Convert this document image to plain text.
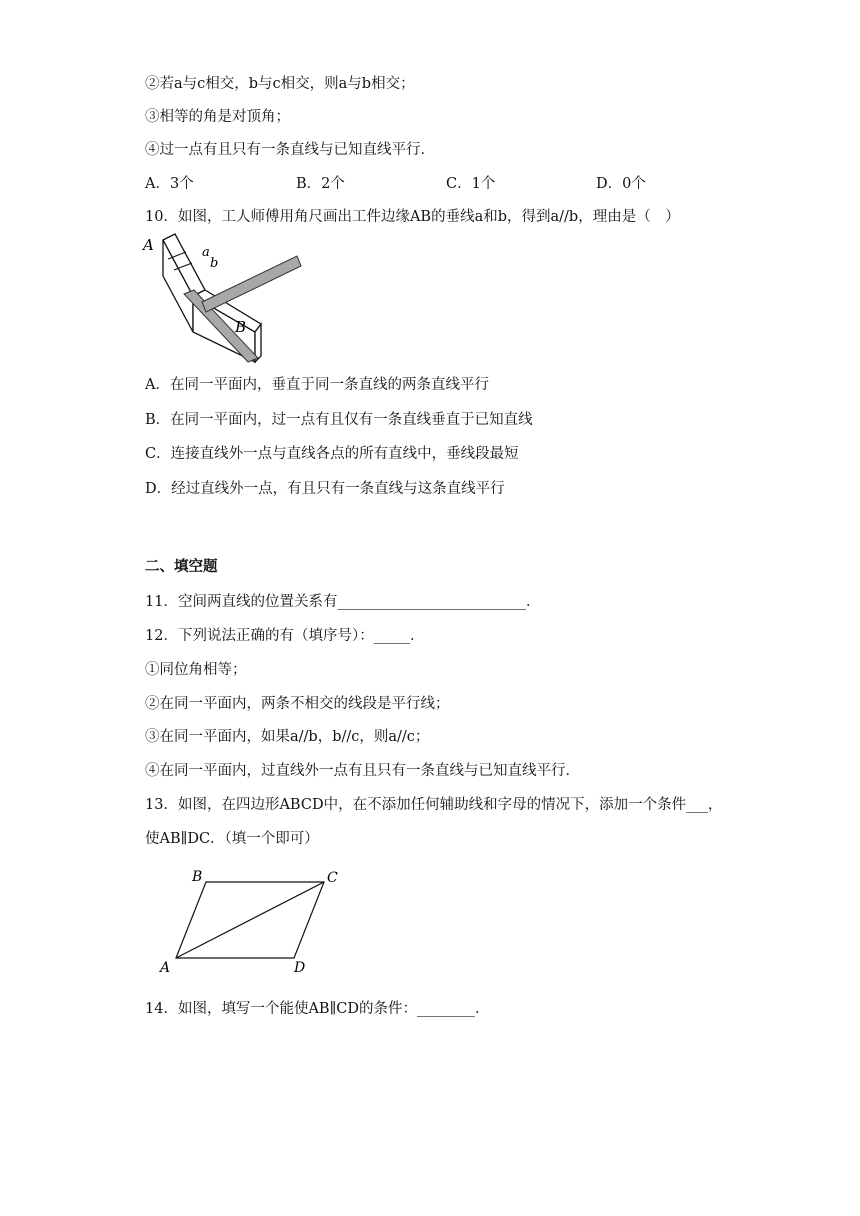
②若a与c相交，b与c相交，则a与b相交；
③相等的角是对顶角；
④过一点有且只有一条直线与已知直线平行．
A．3个	B．2个	C．1个	D．0个
10．如图，工人师傅用角尺画出工件边缘AB的垂线a和b，得到a//b，理由是（　）
A	a
b
B
A．在同一平面内，垂直于同一条直线的两条直线平行
B．在同一平面内，过一点有且仅有一条直线垂直于已知直线
C．连接直线外一点与直线各点的所有直线中，垂线段最短
D．经过直线外一点，有且只有一条直线与这条直线平行
二、填空题
11．空间两直线的位置关系有__________________________．
12．下列说法正确的有（填序号）：_____．
①同位角相等；
②在同一平面内，两条不相交的线段是平行线；
③在同一平面内，如果a//b，b//c，则a//c；
④在同一平面内，过直线外一点有且只有一条直线与已知直线平行．
13．如图，在四边形ABCD中，在不添加任何辅助线和字母的情况下，添加一个条件___，
使AB∥DC．（填一个即可）
A
B	C
D
14．如图，填写一个能使AB∥CD的条件：________．
